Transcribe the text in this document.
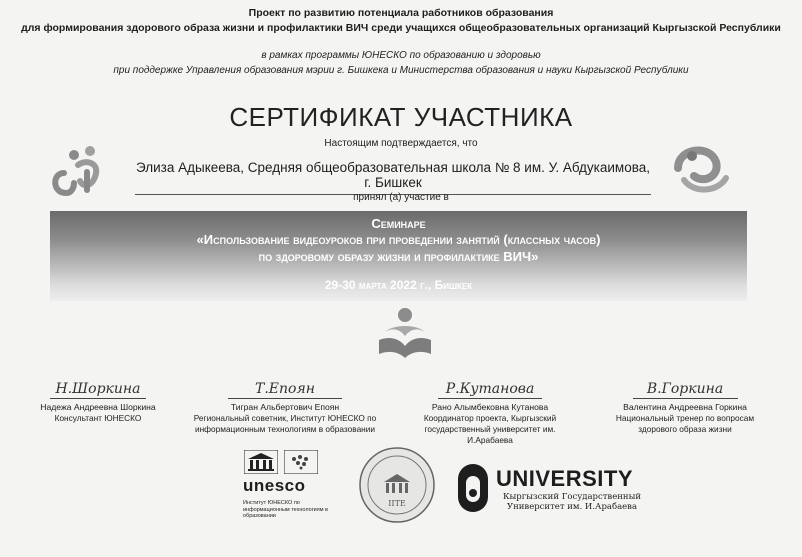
Проект по развитию потенциала работников образования
для формирования здорового образа жизни и профилактики ВИЧ среди учащихся общеобразовательных организаций Кыргызской Республики
в рамках программы ЮНЕСКО по образованию и здоровью
при поддержке Управления образования мэрии г. Бишкека и Министерства образования и науки Кыргызской Республики
СЕРТИФИКАТ УЧАСТНИКА
Настоящим подтверждается, что
Элиза Адыкеева, Средняя общеобразовательная школа № 8 им. У. Абдукаимова, г. Бишкек
принял (а) участие в
Семинаре
«Использование видеоуроков при проведении занятий (классных часов)
по здоровому образу жизни и профилактике ВИЧ»
29-30 марта 2022 г., Бишкек
Н.Шоркина
Надежа Андреевна Шоркина
Консультант ЮНЕСКО
Т.Епоян
Тигран Альбертович Епоян
Региональный советник, Институт ЮНЕСКО по информационным технологиям в образовании
Р.Кутанова
Рано Алымбековна Кутанова
Координатор проекта, Кыргызский государственный университет им. И.Арабаева
В.Горкина
Валентина Андреевна Горкина
Национальный тренер по вопросам здорового образа жизни
unesco
Институт ЮНЕСКО по информационным технологиям в образовании
ІІТЕ
UNIVERSITY
Кыргызский Государственный Университет им. И.Арабаева
